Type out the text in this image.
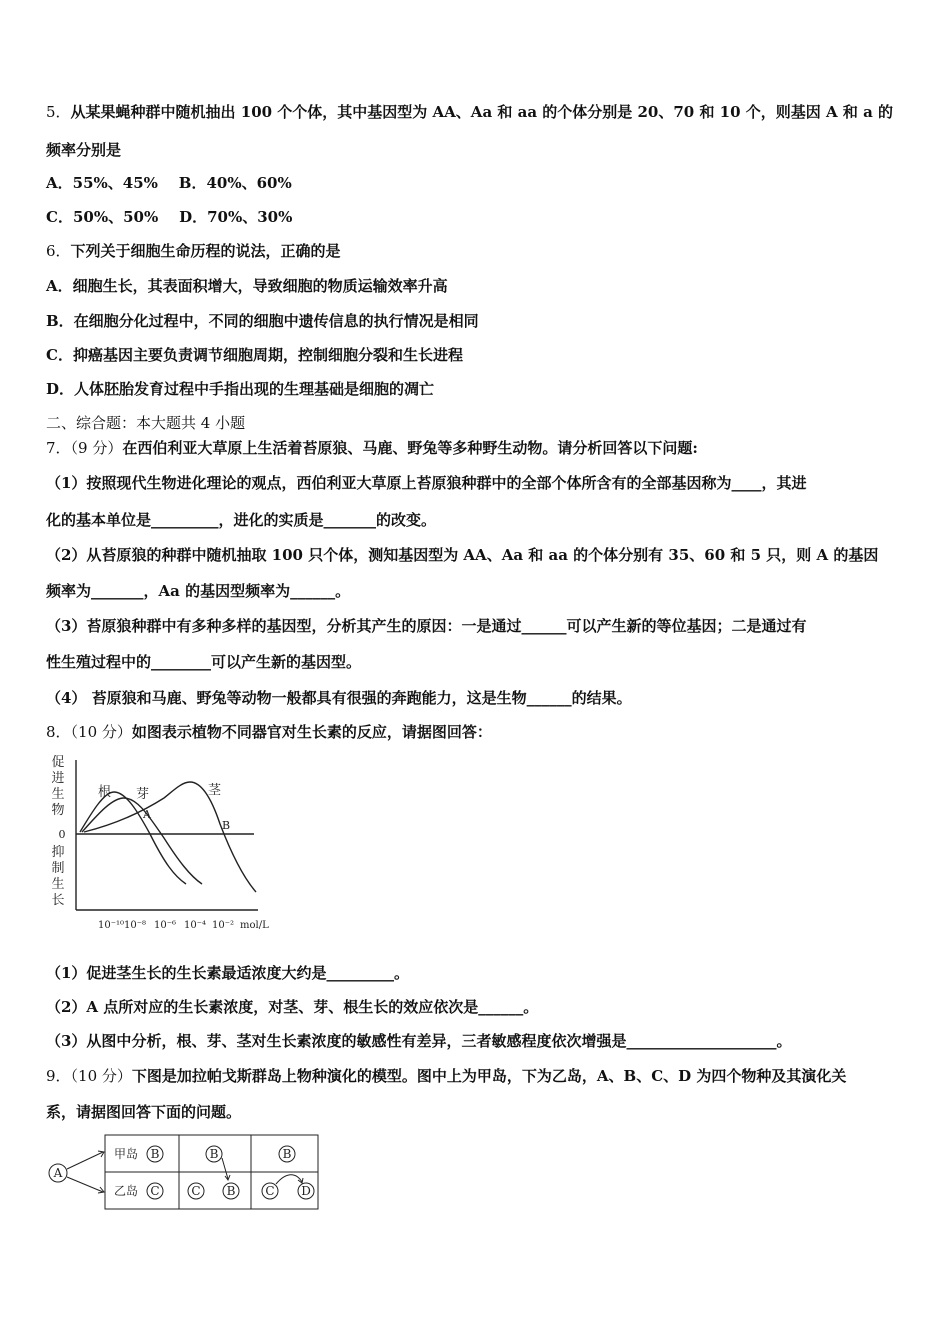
5．从某果蝇种群中随机抽出 100 个个体，其中基因型为 AA、Aa 和 aa 的个体分别是 20、70 和 10 个，则基因 A 和 a 的
频率分别是
A．55%、45%    B．40%、60%
C．50%、50%    D．70%、30%
6．下列关于细胞生命历程的说法，正确的是
A．细胞生长，其表面积增大，导致细胞的物质运输效率升高
B．在细胞分化过程中，不同的细胞中遗传信息的执行情况是相同
C．抑癌基因主要负责调节细胞周期，控制细胞分裂和生长进程
D．人体胚胎发育过程中手指出现的生理基础是细胞的凋亡
二、综合题：本大题共 4 小题
7．（9 分）在西伯利亚大草原上生活着苔原狼、马鹿、野兔等多种野生动物。请分析回答以下问题:
（1）按照现代生物进化理论的观点，西伯利亚大草原上苔原狼种群中的全部个体所含有的全部基因称为____，其进
化的基本单位是_________，进化的实质是_______的改变。
（2）从苔原狼的种群中随机抽取 100 只个体，测知基因型为 AA、Aa 和 aa 的个体分别有 35、60 和 5 只，则 A 的基因
频率为_______，Aa 的基因型频率为______。
（3）苔原狼种群中有多种多样的基因型，分析其产生的原因：一是通过______可以产生新的等位基因；二是通过有
性生殖过程中的________可以产生新的基因型。
（4） 苔原狼和马鹿、野兔等动物一般都具有很强的奔跑能力，这是生物______的结果。
8．（10 分）如图表示植物不同器官对生长素的反应，请据图回答：
促
进
生
物
0
抑
制
生
长
根 芽	茎
A
B
10⁻¹⁰ 10⁻⁸ 10⁻⁶ 10⁻⁴ 10⁻² mol/L
（1）促进茎生长的生长素最适浓度大约是_________。
（2）A 点所对应的生长素浓度，对茎、芽、根生长的效应依次是______。
（3）从图中分析，根、芽、茎对生长素浓度的敏感性有差异，三者敏感程度依次增强是____________________。
9．（10 分）下图是加拉帕戈斯群岛上物种演化的模型。图中上为甲岛，下为乙岛，A、B、C、D 为四个物种及其演化关
系，请据图回答下面的问题。
A
甲岛 B
乙岛 C
B
C B
B
C D
